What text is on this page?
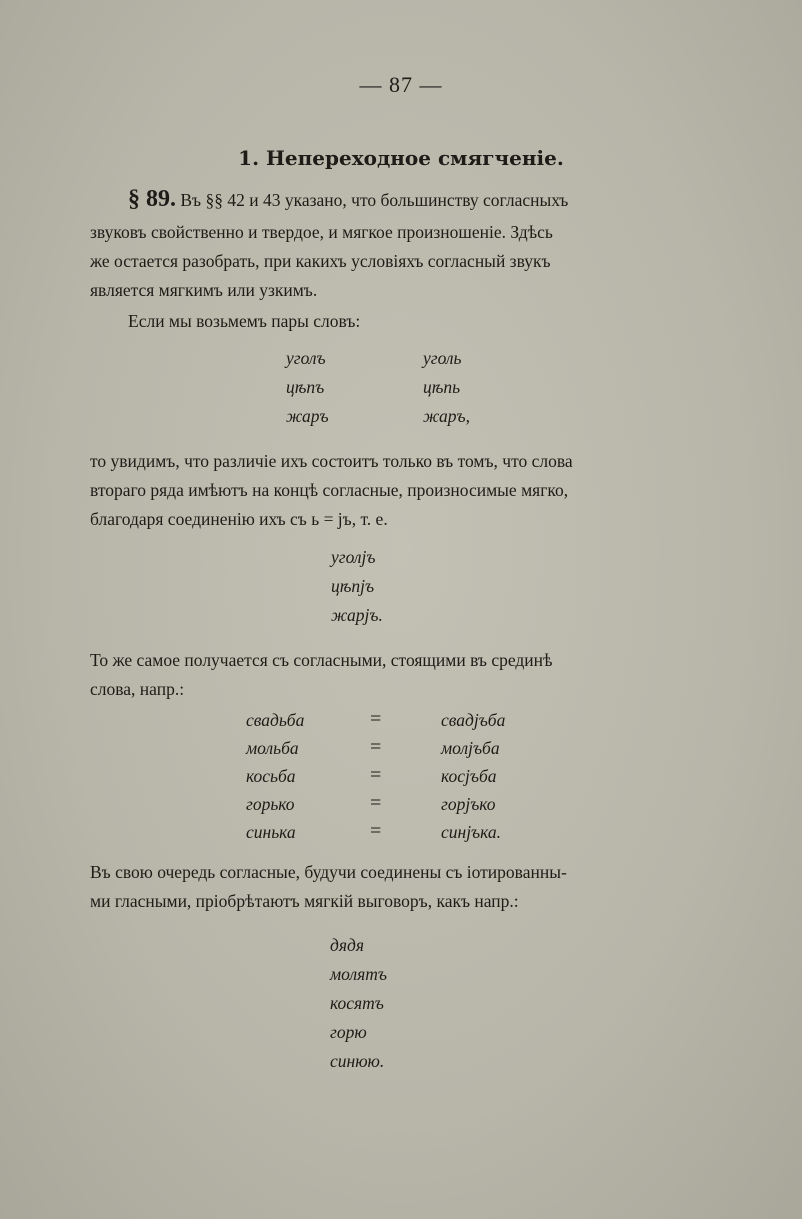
— 87 —
1. Непереходное смягченіе.
§ 89. Въ §§ 42 и 43 указано, что большинству согласныхъ
звуковъ свойственно и твердое, и мягкое произношеніе. Здѣсь
же остается разобрать, при какихъ условіяхъ согласный звукъ
является мягкимъ или узкимъ.
Если мы возьмемъ пары словъ:
уголъ	уголь
цѣпъ	цѣпь
жаръ	жаръ,
то увидимъ, что различіе ихъ состоитъ только въ томъ, что слова
втораго ряда имѣютъ на концѣ согласные, произносимые мягко,
благодаря соединенію ихъ съ ь = jъ, т. е.
уголjъ
цѣпjъ
жарjъ.
То же самое получается съ согласными, стоящими въ срединѣ
слова, напр.:
свадьба	=	свадjъба
мольба	=	молjъба
косьба	=	косjъба
горько	=	горjъко
синька	=	синjъка.
Въ свою очередь согласные, будучи соединены съ іотированны-
ми гласными, пріобрѣтаютъ мягкій выговоръ, какъ напр.:
дядя
молятъ
косятъ
горю
синюю.
